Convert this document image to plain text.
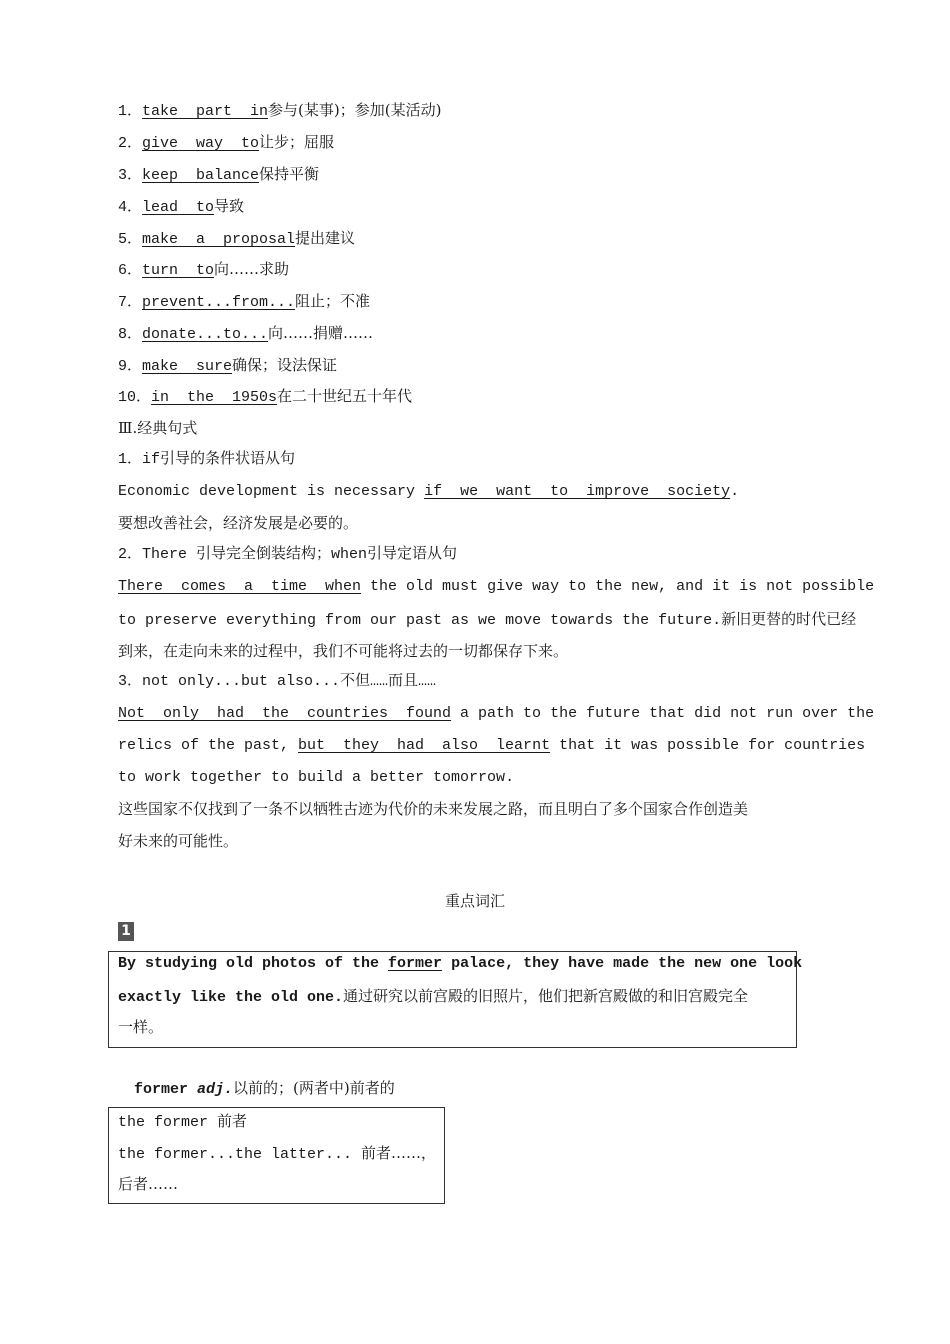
1．take part in参与(某事)；参加(某活动)
2．give way to让步；屈服
3．keep balance保持平衡
4．lead to导致
5．make a proposal提出建议
6．turn to向……求助
7．prevent...from...阻止；不准
8．donate...to...向……捐赠……
9．make sure确保；设法保证
10．in the 1950s在二十世纪五十年代
Ⅲ.经典句式
1．if引导的条件状语从句
Economic development is necessary if we want to improve society.
要想改善社会，经济发展是必要的。
2．There 引导完全倒装结构；when引导定语从句
There comes a time when the old must give way to the new, and it is not possible
to preserve everything from our past as we move towards the future.新旧更替的时代已经
到来，在走向未来的过程中，我们不可能将过去的一切都保存下来。
3．not only...but also...不但……而且……
Not only had the countries found a path to the future that did not run over the
relics of the past, but they had also learnt that it was possible for countries
to work together to build a better tomorrow.
这些国家不仅找到了一条不以牺牲古迹为代价的未来发展之路，而且明白了多个国家合作创造美
好未来的可能性。
重点词汇
1
By studying old photos of the former palace, they have made the new one look
exactly like the old one.通过研究以前宫殿的旧照片，他们把新宫殿做的和旧宫殿完全
一样。
former adj.以前的；(两者中)前者的
the former 前者
the former...the latter... 前者……，
后者……
